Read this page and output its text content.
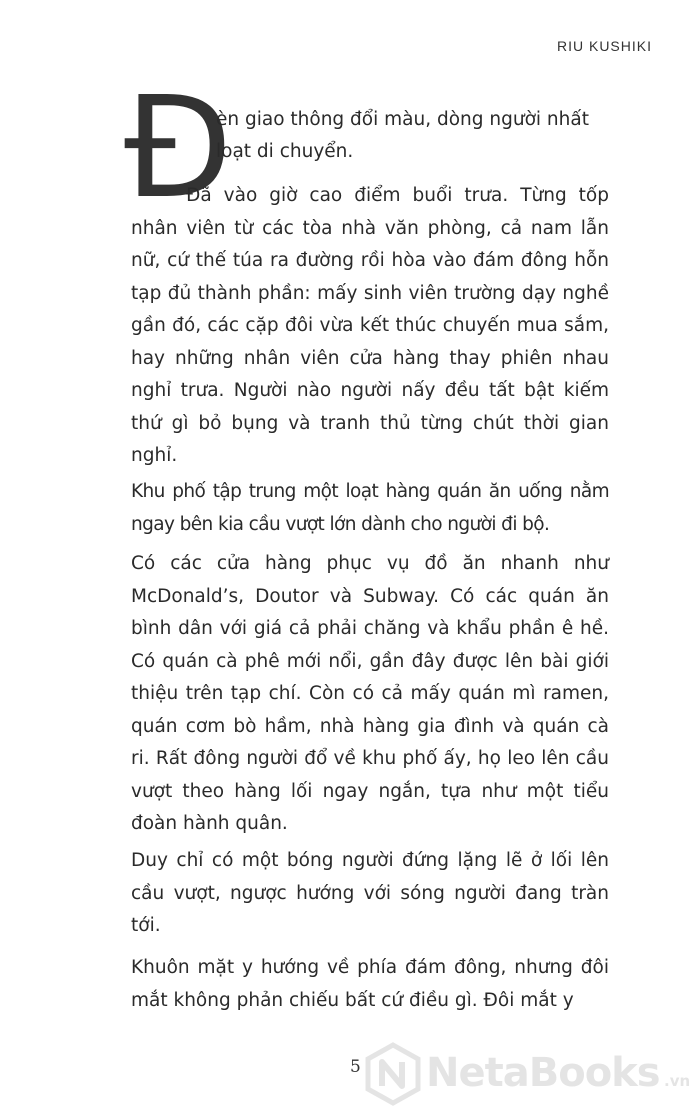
RIU KUSHIKI
Đ

èn giao thông đổi màu, dòng người nhất

loạt di chuyển.

Đã vào giờ cao điểm buổi trưa. Từng tốp nhân viên từ các tòa nhà văn phòng, cả nam lẫn nữ, cứ thế túa ra đường rồi hòa vào đám đông hỗn tạp đủ thành phần: mấy sinh viên trường dạy nghề gần đó, các cặp đôi vừa kết thúc chuyến mua sắm, hay những nhân viên cửa hàng thay phiên nhau nghỉ trưa. Người nào người nấy đều tất bật kiếm thứ gì bỏ bụng và tranh thủ từng chút thời gian nghỉ.

Khu phố tập trung một loạt hàng quán ăn uống nằm ngay bên kia cầu vượt lớn dành cho người đi bộ.

Có các cửa hàng phục vụ đồ ăn nhanh như McDonald’s, Doutor và Subway. Có các quán ăn bình dân với giá cả phải chăng và khẩu phần ê hề. Có quán cà phê mới nổi, gần đây được lên bài giới thiệu trên tạp chí. Còn có cả mấy quán mì ramen, quán cơm bò hầm, nhà hàng gia đình và quán cà ri. Rất đông người đổ về khu phố ấy, họ leo lên cầu vượt theo hàng lối ngay ngắn, tựa như một tiểu đoàn hành quân.

Duy chỉ có một bóng người đứng lặng lẽ ở lối lên cầu vượt, ngược hướng với sóng người đang tràn tới.

Khuôn mặt y hướng về phía đám đông, nhưng đôi mắt không phản chiếu bất cứ điều gì. Đôi mắt y

5 NetaBooks .vn
